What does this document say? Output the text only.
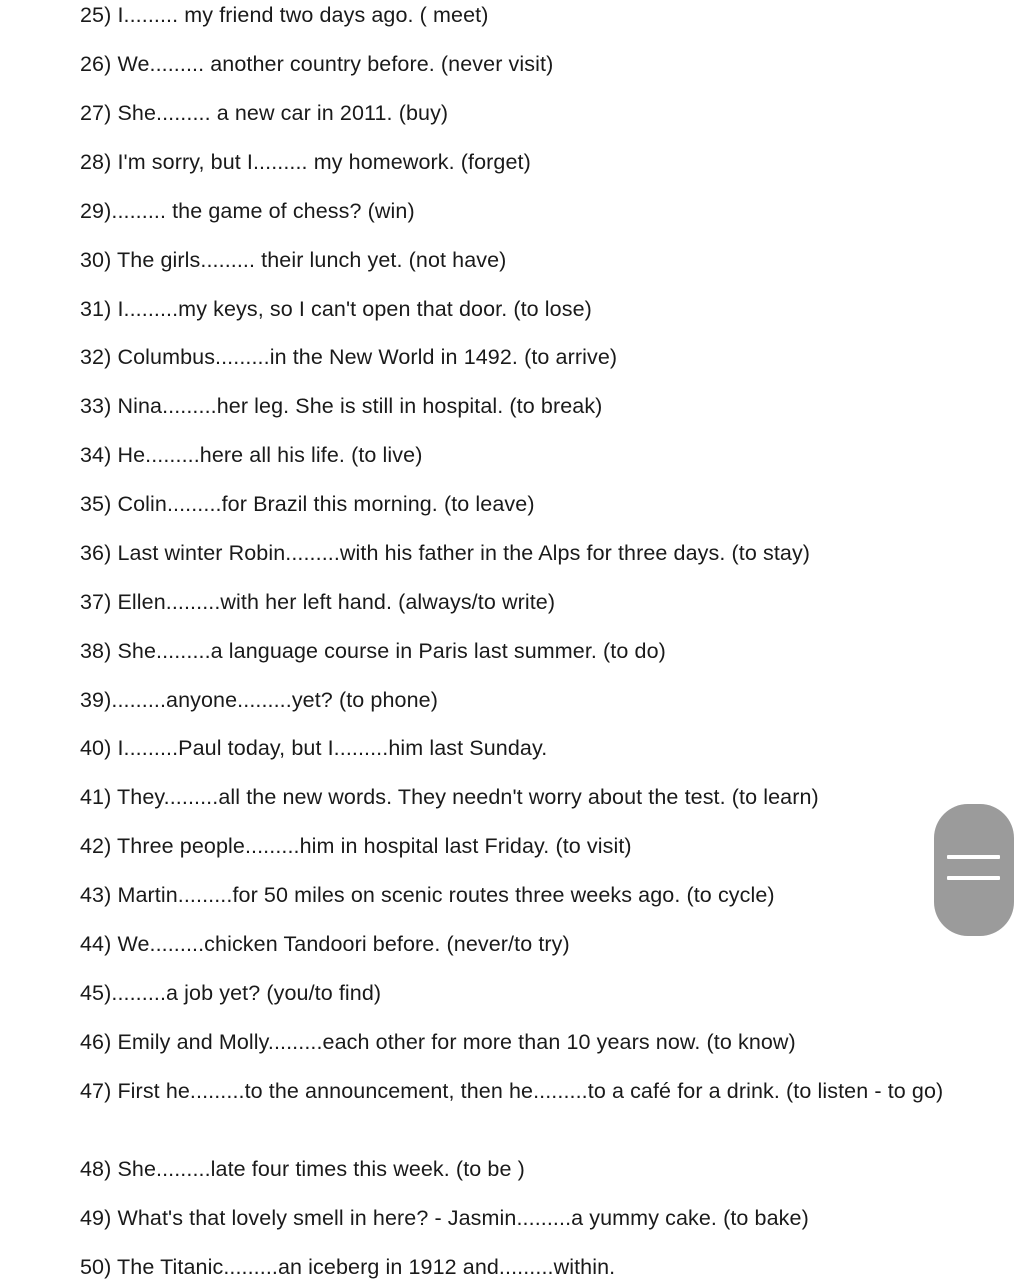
25) I......... my friend two days ago. ( meet)
26) We......... another country before. (never visit)
27) She......... a new car in 2011. (buy)
28) I'm sorry, but I......... my homework. (forget)
29)......... the game of chess? (win)
30) The girls......... their lunch yet. (not have)
31) I.........my keys, so I can't open that door. (to lose)
32) Columbus.........in the New World in 1492. (to arrive)
33) Nina.........her leg. She is still in hospital. (to break)
34) He.........here all his life. (to live)
35) Colin.........for Brazil this morning. (to leave)
36) Last winter Robin.........with his father in the Alps for three days. (to stay)
37) Ellen.........with her left hand. (always/to write)
38) She.........a language course in Paris last summer. (to do)
39).........anyone.........yet? (to phone)
40) I.........Paul today, but I.........him last Sunday.
41) They.........all the new words. They needn't worry about the test. (to learn)
42) Three people.........him in hospital last Friday. (to visit)
43) Martin.........for 50 miles on scenic routes three weeks ago. (to cycle)
44) We.........chicken Tandoori before. (never/to try)
45).........a job yet? (you/to find)
46) Emily and Molly.........each other for more than 10 years now. (to know)
47) First he.........to the announcement, then he.........to a café for a drink. (to listen - to go)
48) She.........late four times this week. (to be )
49) What's that lovely smell in here? - Jasmin.........a yummy cake. (to bake)
50) The Titanic.........an iceberg in 1912 and.........within.
